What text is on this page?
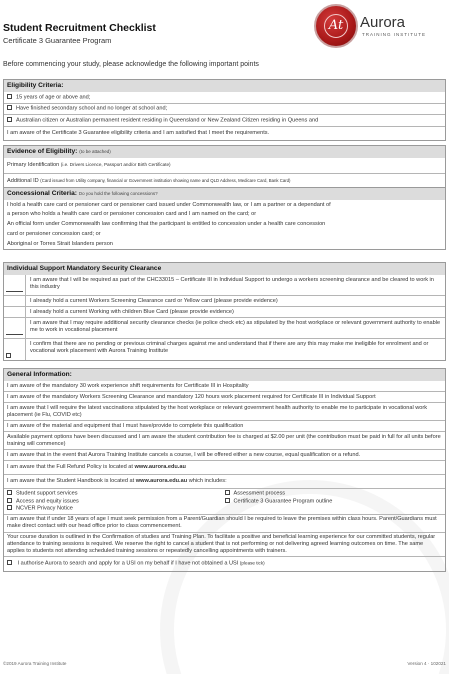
Student Recruitment Checklist
Certificate 3 Guarantee Program
At	Aurora
TRAINING INSTITUTE
Before commencing your study, please acknowledge the following important points
Eligibility Criteria:
15 years of age or above and;
Have finished secondary school and no longer at school and;
Australian citizen or Australian permanent resident residing in Queensland or New Zealand Citizen residing in Queens and
I am aware of the Certificate 3 Guarantee eligibility criteria and I am satisfied that I meet the requirements.
Evidence of Eligibility: (to be attached)
Primary Identification (i.e. Drivers Licence, Passport and/or Birth Certificate)
Additional ID (Card issued from Utility company, financial or Government institution showing name and QLD Address, Medicare Card, Bank Card)
Concessional Criteria: Do you hold the following concessions?
I hold a health care card or pensioner card or pensioner card issued under Commonwealth law, or I am a partner or a dependant of
a person who holds a health care card or pensioner concession card and I am named on the card; or
An official form under Commonwealth law confirming that the participant is entitled to concession under a health care concession
card or pensioner concession card; or
Aboriginal or Torres Strait Islanders person
Individual Support Mandatory Security Clearance
I am aware that I will be required as part of the CHC33015 – Certificate III in Individual Support to undergo a workers screening clearance and be cleared to work in this industry
I already hold a current Workers Screening Clearance card or Yellow card (please provide evidence)
I already hold a current Working with children Blue Card (please provide evidence)
I am aware that I may require additional security clearance checks (ie police check etc) as stipulated by the host workplace or relevant government authority to enable me to work in vocational placement
I confirm that there are no pending or previous criminal charges against me and understand that if there are any this may make me ineligible for enrolment and or vocational work placement with Aurora Training Institute
General Information:
I am aware of the mandatory 30 work experience shift requirements for Certificate III in Hospitality
I am aware of the mandatory Workers Screening Clearance and mandatory 120 hours work placement required for Certificate III in Individual Support
I am aware that I will require the latest vaccinations stipulated by the host workplace or relevant government health authority to enable me to participate in vocational work placement (ie Flu, COVID etc)
I am aware of the material and equipment that I must have/provide to complete this qualification
Available payment options have been discussed and I am aware the student contribution fee is charged at $2.00 per unit (the contribution must be paid in full for all units before training will commence)
I am aware that in the event that Aurora Training Institute cancels a course, I will be offered either a new course, equal qualification or a refund.
I am aware that the Full Refund Policy is located at www.aurora.edu.au
I am aware that the Student Handbook is located at www.aurora.edu.au which includes:
Student support services
Access and equity issues
NCVER Privacy Notice
Assessment process
Certificate 3 Guarantee Program outline
I am aware that if under 18 years of age I must seek permission from a Parent/Guardian should I be required to leave the premises within class hours. Parent/Guardians must make direct contact with our head office prior to class commencement.
Your course duration is outlined in the Confirmation of studies and Training Plan. To facilitate a positive and beneficial learning experience for our committed students, regular attendance to training sessions is required. We reserve the right to cancel a student that is not performing or not delivering agreed learning outcomes on time. The same applies to students not attending scheduled training sessions or repeatedly cancelling appointments with trainers.
I authorise Aurora to search and apply for a USI on my behalf if I have not obtained a USI (please tick)
©2019 Aurora Training Institute	Version 4 · 102021
